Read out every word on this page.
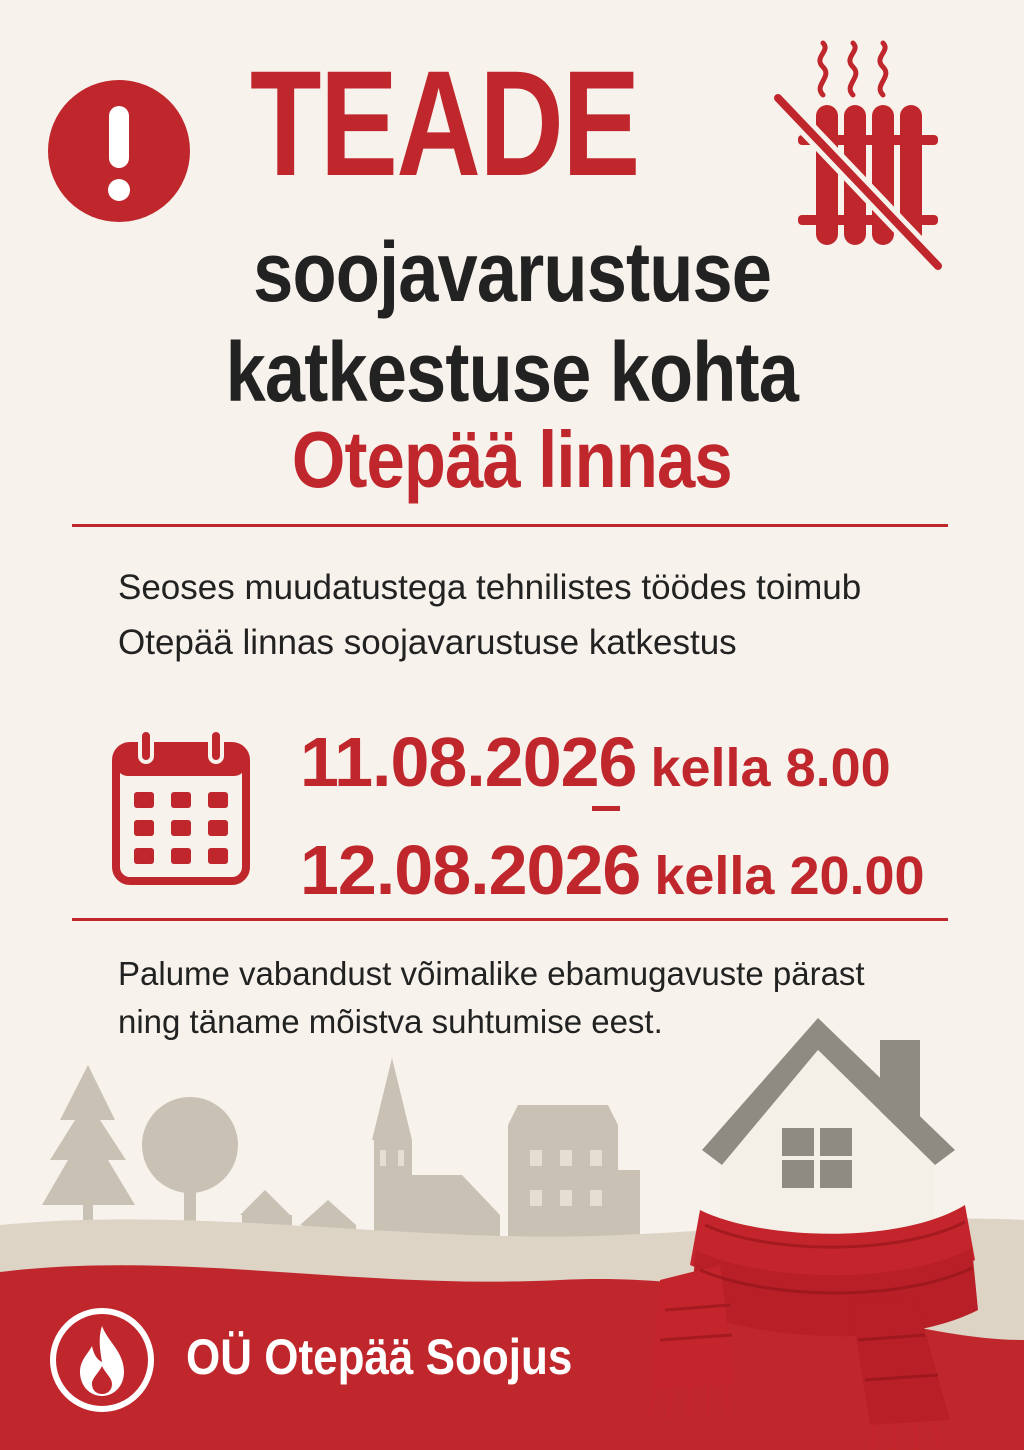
TEADE
soojavarustuse
katkestuse kohta
Otepää linnas
Seoses muudatustega tehnilistes töödes toimub Otepää linnas soojavarustuse katkestus
11.08.2026 kella 8.00
12.08.2026 kella 20.00
Palume vabandust võimalike ebamugavuste pärast ning täname mõistva suhtumise eest.
OÜ Otepää Soojus
